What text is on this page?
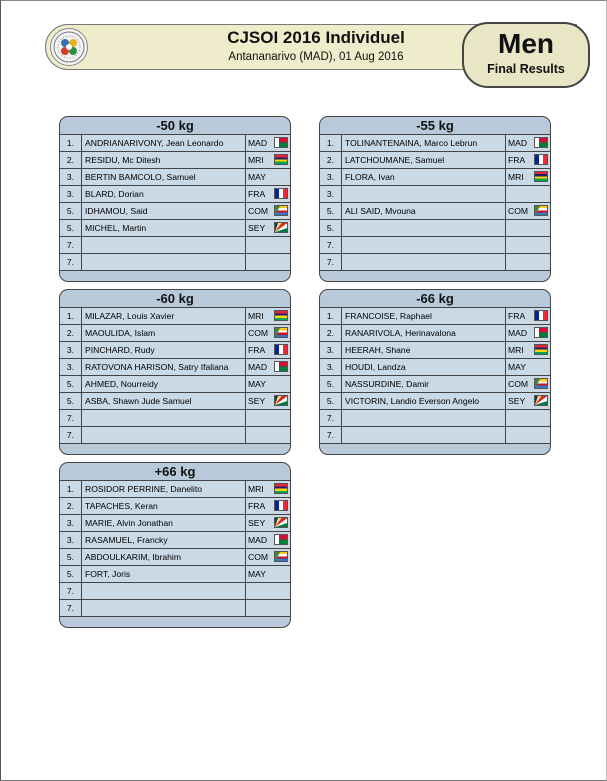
CJSOI 2016 Individuel
Antananarivo (MAD), 01 Aug 2016	Men
Final Results
-50 kg
1.	ANDRIANARIVONY, Jean Leonardo	MAD
2.	RESIDU, Mc Ditesh	MRI
3.	BERTIN BAMCOLO, Samuel	MAY
3.	BLARD, Dorian	FRA
5.	IDHAMOU, Said	COM
5.	MICHEL, Martin	SEY
7.
7.
-55 kg
1.	TOLINANTENAINA, Marco Lebrun	MAD
2.	LATCHOUMANE, Samuel	FRA
3.	FLORA, Ivan	MRI
3.
5.	ALI SAID, Mvouna	COM
5.
7.
7.
-60 kg
1.	MILAZAR, Louis Xavier	MRI
2.	MAOULIDA, Islam	COM
3.	PINCHARD, Rudy	FRA
3.	RATOVONA HARISON, Satry Ifaliana	MAD
5.	AHMED, Nourreidy	MAY
5.	ASBA, Shawn Jude Samuel	SEY
7.
7.
-66 kg
1.	FRANCOISE, Raphael	FRA
2.	RANARIVOLA, Herinavalona	MAD
3.	HEERAH, Shane	MRI
3.	HOUDI, Landza	MAY
5.	NASSURDINE, Damir	COM
5.	VICTORIN, Landio Everson Angelo	SEY
7.
7.
+66 kg
1.	ROSIDOR PERRINE, Danelito	MRI
2.	TAPACHES, Keran	FRA
3.	MARIE, Alvin Jonathan	SEY
3.	RASAMUEL, Francky	MAD
5.	ABDOULKARIM, Ibrahim	COM
5.	FORT, Joris	MAY
7.
7.
